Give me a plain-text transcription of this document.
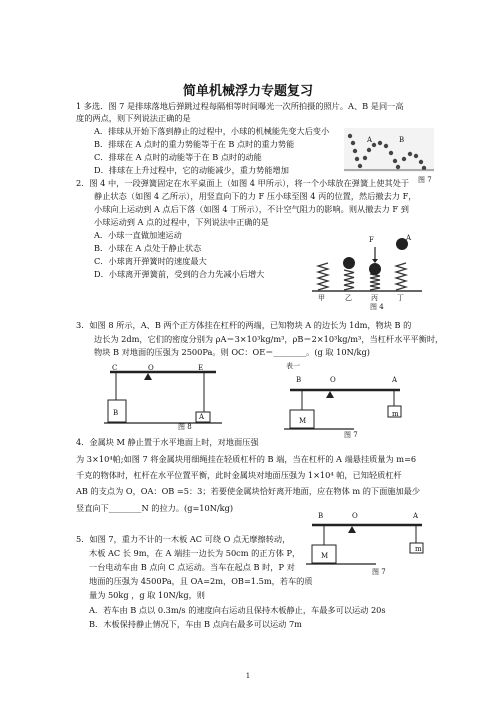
简单机械浮力专题复习
1 多选．图 7 是排球落地后弹跳过程每隔相等时间曝光一次所拍摄的照片。A、B 是同一高
度的两点，则下列说法正确的是
A．排球从开始下落到静止的过程中，小球的机械能先变大后变小
B．排球在 A 点时的重力势能等于在 B 点时的重力势能
C．排球在 A 点时的动能等于在 B 点时的动能
D．排球在上升过程中，它的动能减少，重力势能增加
A	B
图 7
2．图 4 中，一段弹簧固定在水平桌面上（如图 4 甲所示），将一个小球放在弹簧上使其处于
静止状态（如图 4 乙所示），用竖直向下的力 F 压小球至图 4 丙的位置，然后撤去力 F，
小球向上运动到 A 点后下落（如图 4 丁所示），不计空气阻力的影响。则从撤去力 F 到
小球运动到 A 点的过程中，下列说法中正确的是
A．小球一直做加速运动
B．小球在 A 点处于静止状态
C．小球离开弹簧时的速度最大
D．小球离开弹簧前，受到的合力先减小后增大
F	A
甲	乙	丙	丁
图 4
3．如图 8 所示，A、B 两个正方体挂在杠杆的两端，已知物块 A 的边长为 1dm，物块 B 的
边长为 2dm，它们的密度分别为 ρA＝3×10³kg/m³，ρB＝2×10³kg/m³，当杠杆水平平衡时，
物块 B 对地面的压强为 2500Pa。则 OC：OE＝________。(g 取 10N/kg)
表一
C	O	E
B	A
图 8
B	O	A
M
m
图 7
4．金属块 M 静止置于水平地面上时，对地面压强
为 3×10⁴帕;如图 7 将金属块用细绳挂在轻质杠杆的 B 端，当在杠杆的 A 端悬挂质量为 m=6
千克的物体时，杠杆在水平位置平衡，此时金属块对地面压强为 1×10⁴ 帕，已知轻质杠杆
AB 的支点为 O，OA：OB =5：3；若要使金属块恰好离开地面，应在物体 m 的下面施加最少
竖直向下________N 的拉力。(g=10N/kg)
5．如图 7，重力不计的一木板 AC 可绕 O 点无摩擦转动，
木板 AC 长 9m，在 A 端挂一边长为 50cm 的正方体 P，
一台电动车由 B 点向 C 点运动。当车在起点 B 时，P 对
地面的压强为 4500Pa，且 OA=2m，OB=1.5m，若车的质
量为 50kg ，g 取 10N/kg，则
A．若车由 B 点以 0.3m/s 的速度向右运动且保持木板静止，车最多可以运动 20s
B．木板保持静止情况下，车由 B 点向右最多可以运动 7m
B	O	A
M
m
图 7
1
